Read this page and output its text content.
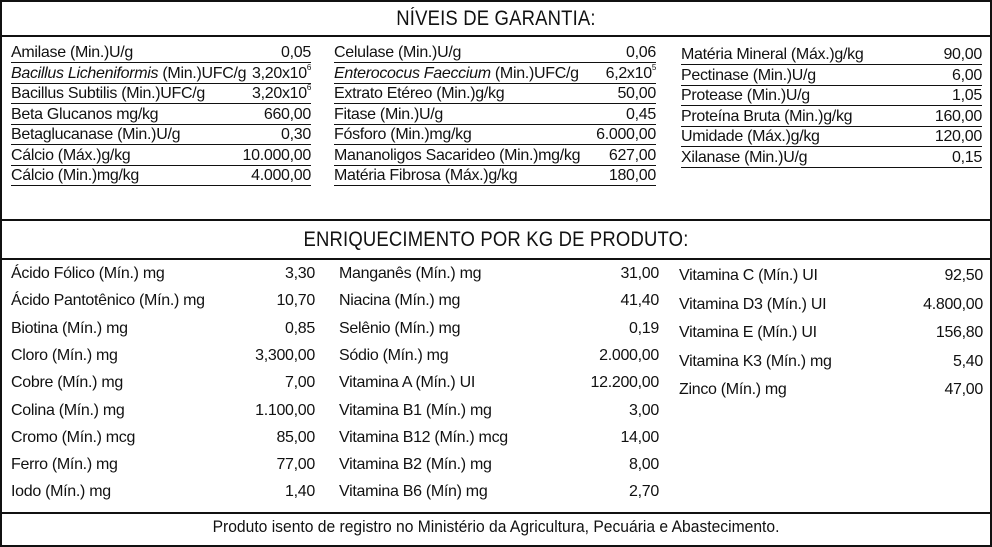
NÍVEIS DE GARANTIA:
Amilase (Min.)U/g	0,05
Bacillus Licheniformis (Min.)UFC/g $3,20x10^6$
Bacillus Subtilis (Min.)UFC/g	$3,20x10^6$
Beta Glucanos mg/kg	660,00
Betaglucanase (Min.)U/g	0,30
Cálcio (Máx.)g/kg	10.000,00
Cálcio (Min.)mg/kg	4.000,00
Celulase (Min.)U/g	0,06
Enterococus Faeccium (Min.)UFC/g $6,2x10^5$
Extrato Etéreo (Min.)g/kg	50,00
Fitase (Min.)U/g	0,45
Fósforo (Min.)mg/kg	6.000,00
Mananoligos Sacarideo (Min.)mg/kg 627,00
Matéria Fibrosa (Máx.)g/kg	180,00
Matéria Mineral (Máx.)g/kg	90,00
Pectinase (Min.)U/g	6,00
Protease (Min.)U/g	1,05
Proteína Bruta (Min.)g/kg	160,00
Umidade (Máx.)g/kg	120,00
Xilanase (Min.)U/g	0,15
ENRIQUECIMENTO POR KG DE PRODUTO:
Ácido Fólico (Mín.) mg	3,30
Ácido Pantotênico (Mín.) mg	10,70
Biotina (Mín.) mg	0,85
Cloro (Mín.) mg	3,300,00
Cobre (Mín.) mg	7,00
Colina (Mín.) mg	1.100,00
Cromo (Mín.) mcg	85,00
Ferro (Mín.) mg	77,00
Iodo (Mín.) mg	1,40
Manganês (Mín.) mg	31,00
Niacina (Mín.) mg	41,40
Selênio (Mín.) mg	0,19
Sódio (Mín.) mg	2.000,00
Vitamina A (Mín.) UI	12.200,00
Vitamina B1 (Mín.) mg	3,00
Vitamina B12 (Mín.) mcg	14,00
Vitamina B2 (Mín.) mg	8,00
Vitamina B6 (Mín) mg	2,70
Vitamina C (Mín.) UI	92,50
Vitamina D3 (Mín.) UI	4.800,00
Vitamina E (Mín.) UI	156,80
Vitamina K3 (Mín.) mg	5,40
Zinco (Mín.) mg	47,00
Produto isento de registro no Ministério da Agricultura, Pecuária e Abastecimento.
